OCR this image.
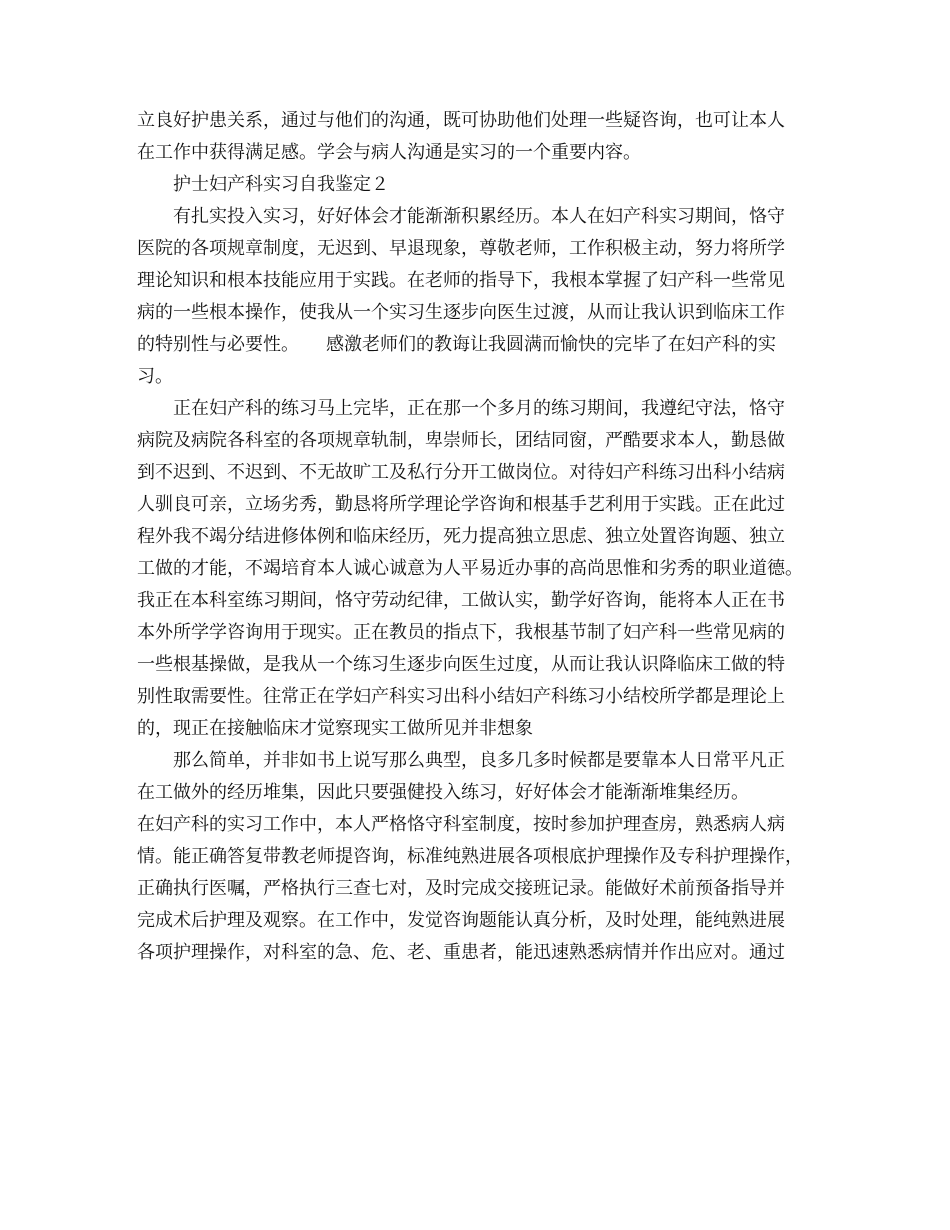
立良好护患关系，通过与他们的沟通，既可协助他们处理一些疑咨询，也可让本人
在工作中获得满足感。学会与病人沟通是实习的一个重要内容。
护士妇产科实习自我鉴定２
有扎实投入实习，好好体会才能渐渐积累经历。本人在妇产科实习期间，恪守
医院的各项规章制度，无迟到、早退现象，尊敬老师，工作积极主动，努力将所学
理论知识和根本技能应用于实践。在老师的指导下，我根本掌握了妇产科一些常见
病的一些根本操作，使我从一个实习生逐步向医生过渡，从而让我认识到临床工作
的特别性与必要性。　　感激老师们的教诲让我圆满而愉快的完毕了在妇产科的实
习。
正在妇产科的练习马上完毕，正在那一个多月的练习期间，我遵纪守法，恪守
病院及病院各科室的各项规章轨制，卑崇师长，团结同窗，严酷要求本人，勤恳做
到不迟到、不迟到、不无故旷工及私行分开工做岗位。对待妇产科练习出科小结病
人驯良可亲，立场劣秀，勤恳将所学理论学咨询和根基手艺利用于实践。正在此过
程外我不竭分结进修体例和临床经历，死力提高独立思虑、独立处置咨询题、独立
工做的才能，不竭培育本人诚心诚意为人平易近办事的高尚思惟和劣秀的职业道德。
我正在本科室练习期间，恪守劳动纪律，工做认实，勤学好咨询，能将本人正在书
本外所学学咨询用于现实。正在教员的指点下，我根基节制了妇产科一些常见病的
一些根基操做，是我从一个练习生逐步向医生过度，从而让我认识降临床工做的特
别性取需要性。往常正在学妇产科实习出科小结妇产科练习小结校所学都是理论上
的，现正在接触临床才觉察现实工做所见并非想象
那么简单，并非如书上说写那么典型，良多几多时候都是要靠本人日常平凡正
在工做外的经历堆集，因此只要强健投入练习，好好体会才能渐渐堆集经历。
在妇产科的实习工作中，本人严格恪守科室制度，按时参加护理查房，熟悉病人病
情。能正确答复带教老师提咨询，标准纯熟进展各项根底护理操作及专科护理操作，
正确执行医嘱，严格执行三查七对，及时完成交接班记录。能做好术前预备指导并
完成术后护理及观察。在工作中，发觉咨询题能认真分析，及时处理，能纯熟进展
各项护理操作，对科室的急、危、老、重患者，能迅速熟悉病情并作出应对。通过
